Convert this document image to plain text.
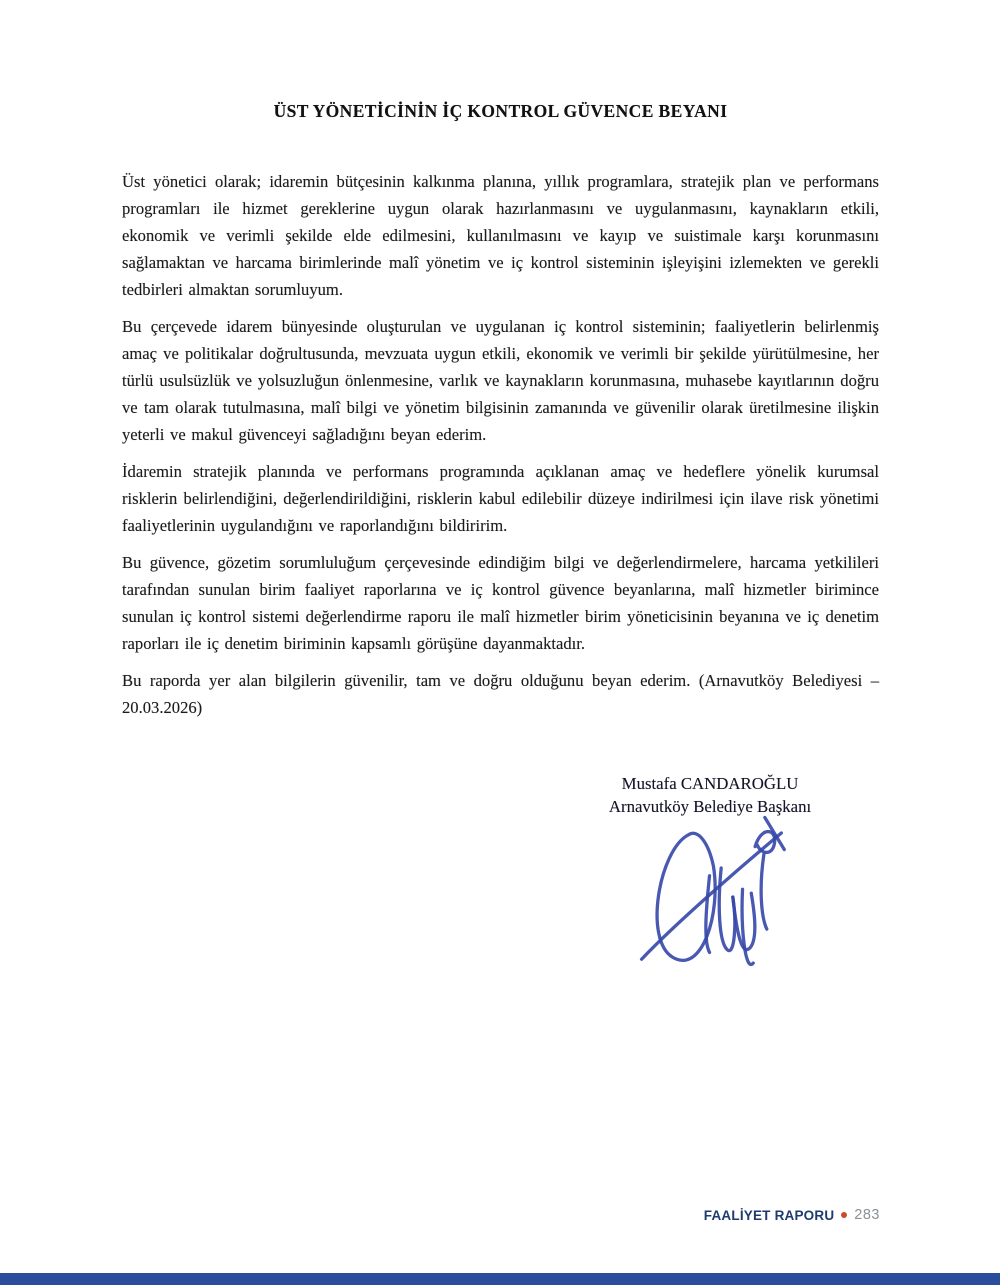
ÜST YÖNETİCİNİN İÇ KONTROL GÜVENCE BEYANI

Üst yönetici olarak; idaremin bütçesinin kalkınma planına, yıllık programlara, stratejik plan ve performans programları ile hizmet gereklerine uygun olarak hazırlanmasını ve uygulanmasını, kaynakların etkili, ekonomik ve verimli şekilde elde edilmesini, kullanılmasını ve kayıp ve suistimale karşı korunmasını sağlamaktan ve harcama birimlerinde malî yönetim ve iç kontrol sisteminin işleyişini izlemekten ve gerekli tedbirleri almaktan sorumluyum.

Bu çerçevede idarem bünyesinde oluşturulan ve uygulanan iç kontrol sisteminin; faaliyetlerin belirlenmiş amaç ve politikalar doğrultusunda, mevzuata uygun etkili, ekonomik ve verimli bir şekilde yürütülmesine, her türlü usulsüzlük ve yolsuzluğun önlenmesine, varlık ve kaynakların korunmasına, muhasebe kayıtlarının doğru ve tam olarak tutulmasına, malî bilgi ve yönetim bilgisinin zamanında ve güvenilir olarak üretilmesine ilişkin yeterli ve makul güvenceyi sağladığını beyan ederim.

İdaremin stratejik planında ve performans programında açıklanan amaç ve hedeflere yönelik kurumsal risklerin belirlendiğini, değerlendirildiğini, risklerin kabul edilebilir düzeye indirilmesi için ilave risk yönetimi faaliyetlerinin uygulandığını ve raporlandığını bildiririm.

Bu güvence, gözetim sorumluluğum çerçevesinde edindiğim bilgi ve değerlendirmelere, harcama yetkilileri tarafından sunulan birim faaliyet raporlarına ve iç kontrol güvence beyanlarına, malî hizmetler birimince sunulan iç kontrol sistemi değerlendirme raporu ile malî hizmetler birim yöneticisinin beyanına ve iç denetim raporları ile iç denetim biriminin kapsamlı görüşüne dayanmaktadır.

Bu raporda yer alan bilgilerin güvenilir, tam ve doğru olduğunu beyan ederim. (Arnavutköy Belediyesi – 20.03.2026)

Mustafa CANDAROĞLU
Arnavutköy Belediye Başkanı
FAALİYET RAPORU 283
